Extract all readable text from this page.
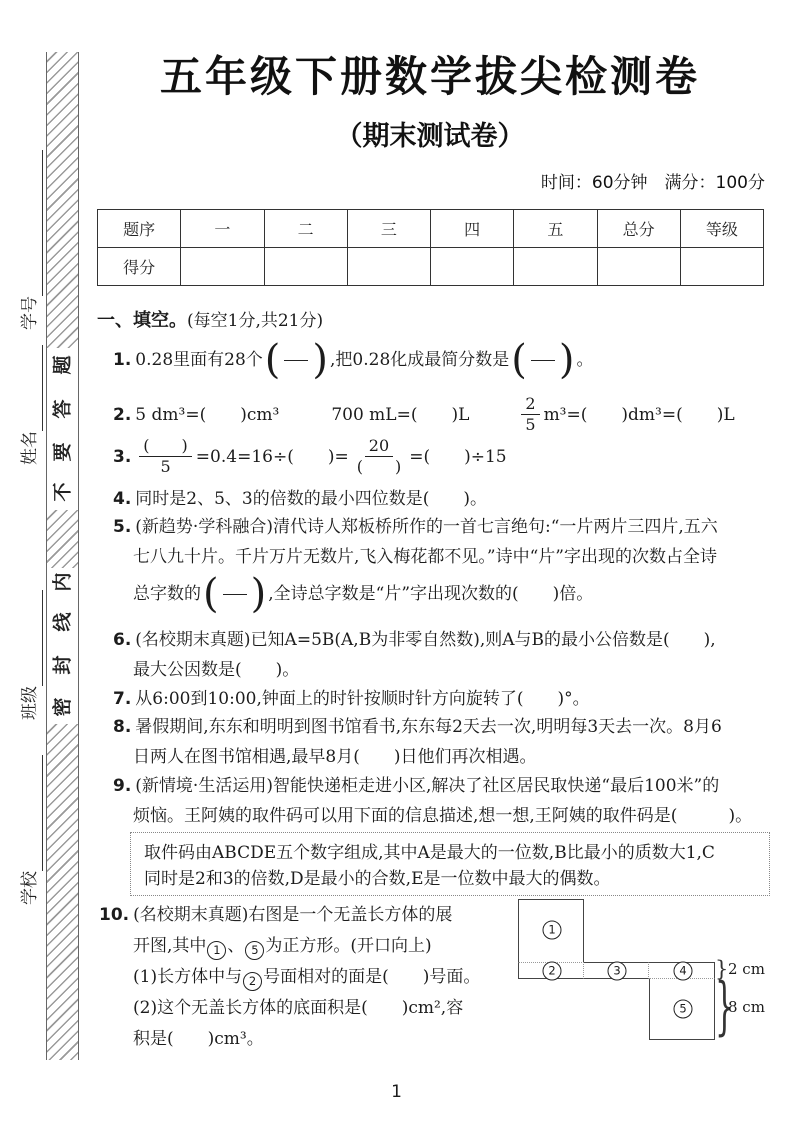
学号
姓名
班级
学校
题
答
要
不
内
线
封
密
五年级下册数学拔尖检测卷
（期末测试卷）
时间：60分钟　满分：100分
题序	一	二	三	四	五	总分	等级
得分							
一、填空。(每空1分,共21分)
1. 0.28里面有28个 (
)	,把0.28化成最简分数是 (
)	。
2. 5 dm³=(　　)cm³	700 mL=(　　)L	$\frac{2}{5} m^3=$(　　)dm³=(　　)L
3. $\frac{( )}{5} =0.4=16\div$(　　)= $\frac{20}{( )}$ =(　　)÷15
4. 同时是2、5、3的倍数的最小四位数是(　　)。
5. (新趋势·学科融合)清代诗人郑板桥所作的一首七言绝句:“一片两片三四片,五六
七八九十片。千片万片无数片,飞入梅花都不见。”诗中“片”字出现的次数占全诗
总字数的 (
)	,全诗总字数是“片”字出现次数的(　　)倍。
6. (名校期末真题)已知A=5B(A,B为非零自然数),则A与B的最小公倍数是(　　),
最大公因数是(　　)。
7. 从6:00到10:00,钟面上的时针按顺时针方向旋转了(　　)°。
8. 暑假期间,东东和明明到图书馆看书,东东每2天去一次,明明每3天去一次。8月6
日两人在图书馆相遇,最早8月(　　)日他们再次相遇。
9. (新情境·生活运用)智能快递柜走进小区,解决了社区居民取快递“最后100米”的
烦恼。王阿姨的取件码可以用下面的信息描述,想一想,王阿姨的取件码是(　　　)。
取件码由ABCDE五个数字组成,其中A是最大的一位数,B比最小的质数大1,C
同时是2和3的倍数,D是最小的合数,E是一位数中最大的偶数。
10. (名校期末真题)右图是一个无盖长方体的展
开图,其中 1 、 5 为正方形。(开口向上)
(1)长方体中与 2 号面相对的面是(　　)号面。
(2)这个无盖长方体的底面积是(　　)cm²,容
积是(　　)cm³。
1
2	3	4
5
}
}
2 cm
8 cm
1
